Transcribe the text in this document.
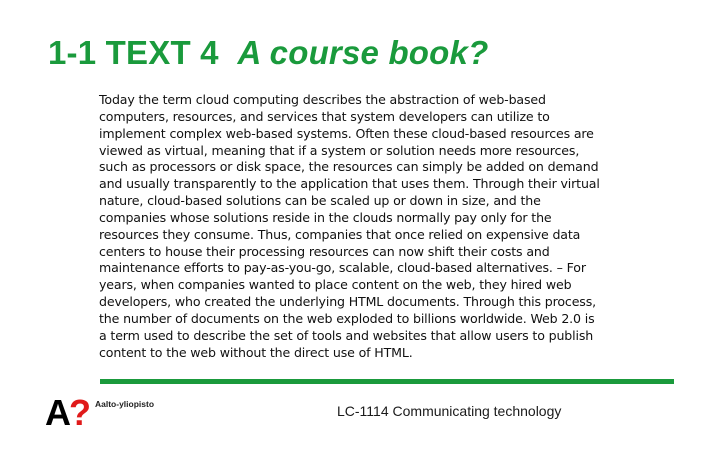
1-1 TEXT 4 A course book?
Today the term cloud computing describes the abstraction of web-based
computers, resources, and services that system developers can utilize to
implement complex web-based systems. Often these cloud-based resources are
viewed as virtual, meaning that if a system or solution needs more resources,
such as processors or disk space, the resources can simply be added on demand
and usually transparently to the application that uses them. Through their virtual
nature, cloud-based solutions can be scaled up or down in size, and the
companies whose solutions reside in the clouds normally pay only for the
resources they consume. Thus, companies that once relied on expensive data
centers to house their processing resources can now shift their costs and
maintenance efforts to pay-as-you-go, scalable, cloud-based alternatives. – For
years, when companies wanted to place content on the web, they hired web
developers, who created the underlying HTML documents. Through this process,
the number of documents on the web exploded to billions worldwide. Web 2.0 is
a term used to describe the set of tools and websites that allow users to publish
content to the web without the direct use of HTML.
A? Aalto-yliopisto	LC-1114 Communicating technology
